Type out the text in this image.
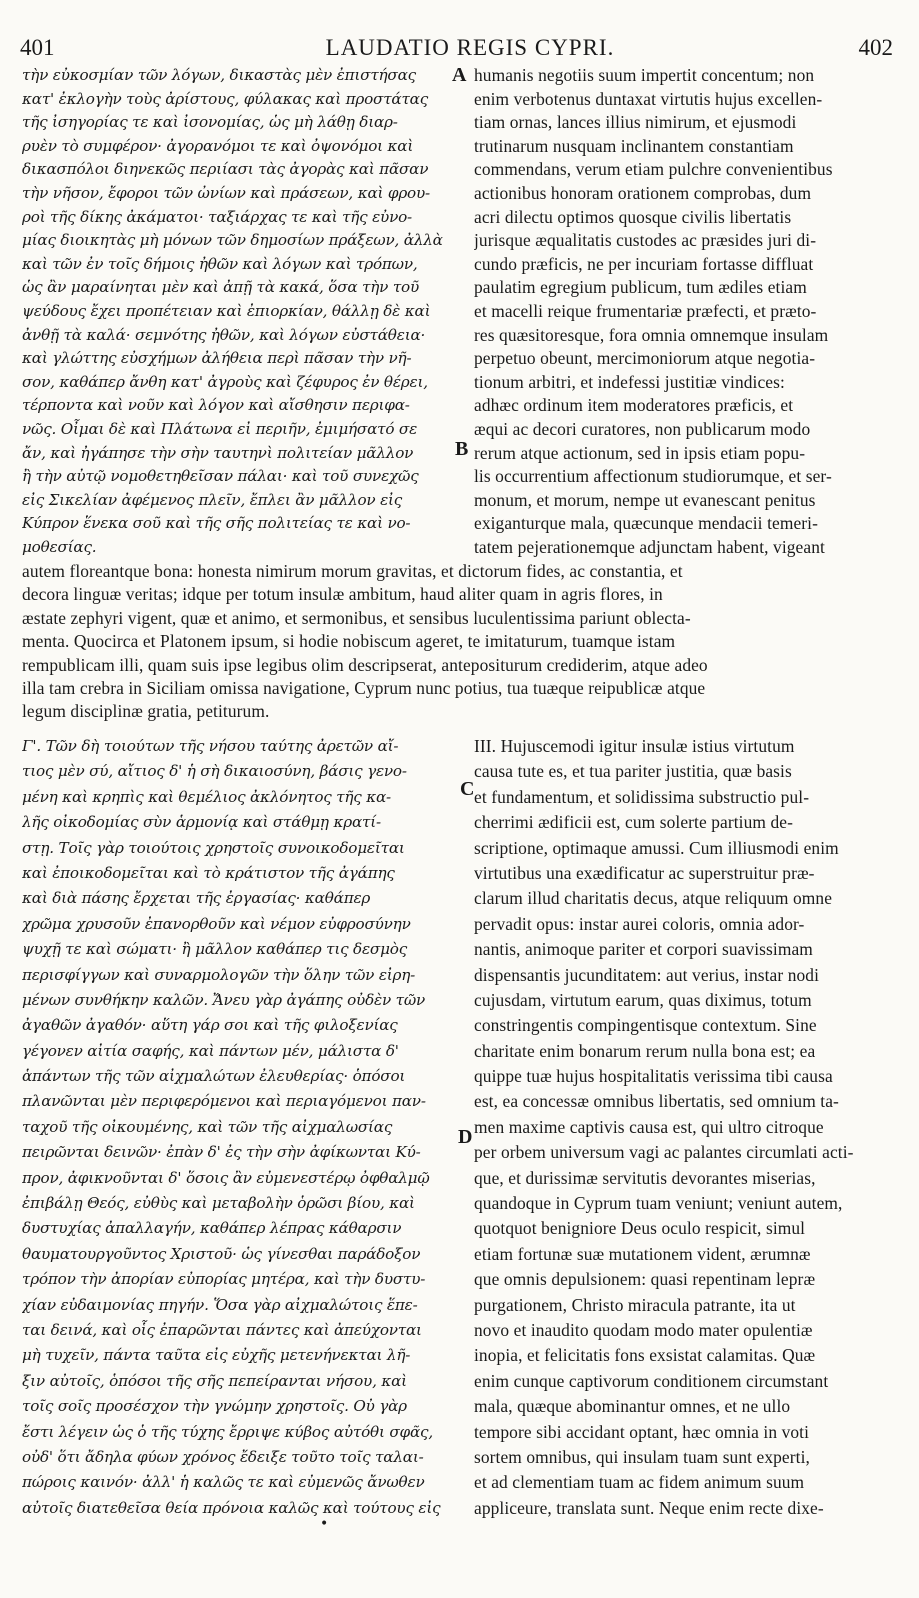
401	LAUDATIO REGIS CYPRI.	402
τὴν εὐκοσμίαν τῶν λόγων, δικαστὰς μὲν ἐπιστήσας
κατ' ἐκλογὴν τοὺς ἀρίστους, φύλακας καὶ προστάτας
τῆς ἰσηγορίας τε καὶ ἰσονομίας, ὡς μὴ λάθῃ διαρ-
ρυὲν τὸ συμφέρον· ἀγορανόμοι τε καὶ ὀψονόμοι καὶ
δικασπόλοι διηνεκῶς περιίασι τὰς ἀγορὰς καὶ πᾶσαν
τὴν νῆσον, ἔφοροι τῶν ὠνίων καὶ πράσεων, καὶ φρου-
ροὶ τῆς δίκης ἀκάματοι· ταξιάρχας τε καὶ τῆς εὐνο-
μίας διοικητὰς μὴ μόνων τῶν δημοσίων πράξεων, ἀλλὰ
καὶ τῶν ἐν τοῖς δήμοις ἠθῶν καὶ λόγων καὶ τρόπων,
ὡς ἂν μαραίνηται μὲν καὶ ἀπῇ τὰ κακά, ὅσα τὴν τοῦ
ψεύδους ἔχει προπέτειαν καὶ ἐπιορκίαν, θάλλῃ δὲ καὶ
ἀνθῇ τὰ καλά· σεμνότης ἠθῶν, καὶ λόγων εὐστάθεια·
καὶ γλώττης εὐσχήμων ἀλήθεια περὶ πᾶσαν τὴν νῆ-
σον, καθάπερ ἄνθη κατ' ἀγροὺς καὶ ζέφυρος ἐν θέρει,
τέρποντα καὶ νοῦν καὶ λόγον καὶ αἴσθησιν περιφα-
νῶς. Οἶμαι δὲ καὶ Πλάτωνα εἰ περιῆν, ἐμιμήσατό σε
ἄν, καὶ ἠγάπησε τὴν σὴν ταυτηνὶ πολιτείαν μᾶλλον
ἢ τὴν αὐτῷ νομοθετηθεῖσαν πάλαι· καὶ τοῦ συνεχῶς
εἰς Σικελίαν ἀφέμενος πλεῖν, ἔπλει ἂν μᾶλλον εἰς
Κύπρον ἕνεκα σοῦ καὶ τῆς σῆς πολιτείας τε καὶ νο-
μοθεσίας.
humanis negotiis suum impertit concentum; non
enim verbotenus duntaxat virtutis hujus excellen-
tiam ornas, lances illius nimirum, et ejusmodi
trutinarum nusquam inclinantem constantiam
commendans, verum etiam pulchre convenientibus
actionibus honoram orationem comprobas, dum
acri dilectu optimos quosque civilis libertatis
jurisque æqualitatis custodes ac præsides juri di-
cundo præficis, ne per incuriam fortasse diffluat
paulatim egregium publicum, tum ædiles etiam
et macelli reique frumentariæ præfecti, et præto-
res quæsitoresque, fora omnia omnemque insulam
perpetuo obeunt, mercimoniorum atque negotia-
tionum arbitri, et indefessi justitiæ vindices:
adhæc ordinum item moderatores præficis, et
æqui ac decori curatores, non publicarum modo
rerum atque actionum, sed in ipsis etiam popu-
lis occurrentium affectionum studiorumque, et ser-
monum, et morum, nempe ut evanescant penitus
exiganturque mala, quæcunque mendacii temeri-
tatem pejerationemque adjunctam habent, vigeant
A
B
autem floreantque bona: honesta nimirum morum gravitas, et dictorum fides, ac constantia, et
decora linguæ veritas; idque per totum insulæ ambitum, haud aliter quam in agris flores, in
æstate zephyri vigent, quæ et animo, et sermonibus, et sensibus luculentissima pariunt oblecta-
menta. Quocirca et Platonem ipsum, si hodie nobiscum ageret, te imitaturum, tuamque istam
rempublicam illi, quam suis ipse legibus olim descripserat, antepositurum crediderim, atque adeo
illa tam crebra in Siciliam omissa navigatione, Cyprum nunc potius, tua tuæque reipublicæ atque
legum disciplinæ gratia, petiturum.
Γ'. Τῶν δὴ τοιούτων τῆς νήσου ταύτης ἀρετῶν αἴ-
τιος μὲν σύ, αἴτιος δ' ἡ σὴ δικαιοσύνη, βάσις γενο-
μένη καὶ κρηπὶς καὶ θεμέλιος ἀκλόνητος τῆς κα-
λῆς οἰκοδομίας σὺν ἁρμονίᾳ καὶ στάθμῃ κρατί-
στῃ. Τοῖς γὰρ τοιούτοις χρηστοῖς συνοικοδομεῖται
καὶ ἐποικοδομεῖται καὶ τὸ κράτιστον τῆς ἀγάπης
καὶ διὰ πάσης ἔρχεται τῆς ἐργασίας· καθάπερ
χρῶμα χρυσοῦν ἐπανορθοῦν καὶ νέμον εὐφροσύνην
ψυχῇ τε καὶ σώματι· ἢ μᾶλλον καθάπερ τις δεσμὸς
περισφίγγων καὶ συναρμολογῶν τὴν ὅλην τῶν εἰρη-
μένων συνθήκην καλῶν. Ἄνευ γὰρ ἀγάπης οὐδὲν τῶν
ἀγαθῶν ἀγαθόν· αὕτη γάρ σοι καὶ τῆς φιλοξενίας
γέγονεν αἰτία σαφής, καὶ πάντων μέν, μάλιστα δ'
ἁπάντων τῆς τῶν αἰχμαλώτων ἐλευθερίας· ὁπόσοι
πλανῶνται μὲν περιφερόμενοι καὶ περιαγόμενοι παν-
ταχοῦ τῆς οἰκουμένης, καὶ τῶν τῆς αἰχμαλωσίας
πειρῶνται δεινῶν· ἐπὰν δ' ἐς τὴν σὴν ἀφίκωνται Κύ-
προν, ἀφικνοῦνται δ' ὅσοις ἂν εὐμενεστέρῳ ὀφθαλμῷ
ἐπιβάλῃ Θεός, εὐθὺς καὶ μεταβολὴν ὁρῶσι βίου, καὶ
δυστυχίας ἀπαλλαγήν, καθάπερ λέπρας κάθαρσιν
θαυματουργοῦντος Χριστοῦ· ὡς γίνεσθαι παράδοξον
τρόπον τὴν ἀπορίαν εὐπορίας μητέρα, καὶ τὴν δυστυ-
χίαν εὐδαιμονίας πηγήν. Ὅσα γὰρ αἰχμαλώτοις ἕπε-
ται δεινά, καὶ οἷς ἐπαρῶνται πάντες καὶ ἀπεύχονται
μὴ τυχεῖν, πάντα ταῦτα εἰς εὐχῆς μετενήνεκται λῆ-
ξιν αὐτοῖς, ὁπόσοι τῆς σῆς πεπείρανται νήσου, καὶ
τοῖς σοῖς προσέσχον τὴν γνώμην χρηστοῖς. Οὐ γὰρ
ἔστι λέγειν ὡς ὁ τῆς τύχης ἔρριψε κύβος αὐτόθι σφᾶς,
οὐδ' ὅτι ἄδηλα φύων χρόνος ἔδειξε τοῦτο τοῖς ταλαι-
πώροις καινόν· ἀλλ' ἡ καλῶς τε καὶ εὐμενῶς ἄνωθεν
αὐτοῖς διατεθεῖσα θεία πρόνοια καλῶς καὶ τούτους εἰς
III. Hujuscemodi igitur insulæ istius virtutum
causa tute es, et tua pariter justitia, quæ basis
et fundamentum, et solidissima substructio pul-
cherrimi ædificii est, cum solerte partium de-
scriptione, optimaque amussi. Cum illiusmodi enim
virtutibus una exædificatur ac superstruitur præ-
clarum illud charitatis decus, atque reliquum omne
pervadit opus: instar aurei coloris, omnia ador-
nantis, animoque pariter et corpori suavissimam
dispensantis jucunditatem: aut verius, instar nodi
cujusdam, virtutum earum, quas diximus, totum
constringentis compingentisque contextum. Sine
charitate enim bonarum rerum nulla bona est; ea
quippe tuæ hujus hospitalitatis verissima tibi causa
est, ea concessæ omnibus libertatis, sed omnium ta-
men maxime captivis causa est, qui ultro citroque
per orbem universum vagi ac palantes circumlati acti-
que, et durissimæ servitutis devorantes miserias,
quandoque in Cyprum tuam veniunt; veniunt autem,
quotquot benigniore Deus oculo respicit, simul
etiam fortunæ suæ mutationem vident, ærumnæ
que omnis depulsionem: quasi repentinam lepræ
purgationem, Christo miracula patrante, ita ut
novo et inaudito quodam modo mater opulentiæ
inopia, et felicitatis fons exsistat calamitas. Quæ
enim cunque captivorum conditionem circumstant
mala, quæque abominantur omnes, et ne ullo
tempore sibi accidant optant, hæc omnia in voti
sortem omnibus, qui insulam tuam sunt experti,
et ad clementiam tuam ac fidem animum suum
appliceure, translata sunt. Neque enim recte dixe-
C
D
•
